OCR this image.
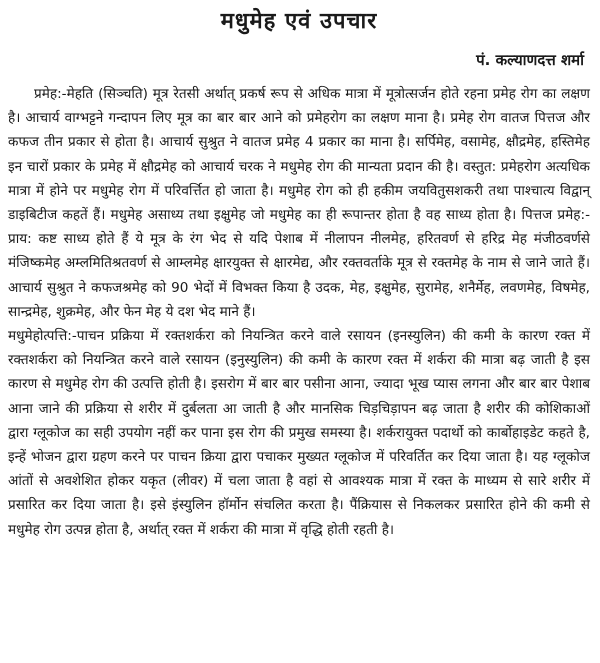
मधुमेह एवं उपचार
पं. कल्याणदत्त शर्मा

प्रमेह:-मेहति (सिञ्चति) मूत्र रेतसी अर्थात् प्रकर्ष रूप से अधिक मात्रा में मूत्रोत्सर्जन होते रहना प्रमेह रोग का लक्षण है। आचार्य वाग्भट्टने गन्दापन लिए मूत्र का बार बार आने को प्रमेहरोग का लक्षण माना है। प्रमेह रोग वातज पित्तज और कफज तीन प्रकार से होता है। आचार्य सुश्रुत ने वातज प्रमेह 4 प्रकार का माना है। सर्पिमेह, वसामेह, क्षौद्रमेह, हस्तिमेह इन चारों प्रकार के प्रमेह में क्षौद्रमेह को आचार्य चरक ने मधुमेह रोग की मान्यता प्रदान की है। वस्तुत: प्रमेहरोग अत्यधिक मात्रा में होने पर मधुमेह रोग में परिवर्त्तित हो जाता है। मधुमेह रोग को ही हकीम जयवितुसशकरी तथा पाश्चात्य विद्वान् डाइबिटीज कहतें हैं। मधुमेह असाध्य तथा इक्षुमेह जो मधुमेह का ही रूपान्तर होता है वह साध्य होता है। पित्तज प्रमेह:-प्राय: कष्ट साध्य होते हैं ये मूत्र के रंग भेद से यदि पेशाब में नीलापन नीलमेह, हरितवर्ण से हरिद्र मेह मंजीठवर्णसे मंजिष्कमेह अम्लमितिश्रतवर्ण से आम्लमेह क्षारयुक्त से क्षारमेद्य, और रक्तवर्ताके मूत्र से रक्तमेह के नाम से जाने जाते हैं। आचार्य सुश्रुत ने कफजश्रमेह को 90 भेदों में विभक्त किया है उदक, मेह, इक्षुमेह, सुरामेह, शनैर्मेह, लवणमेह, विषमेह, सान्द्रमेह, शुक्रमेह, और फेन मेह ये दश भेद माने हैं।

मधुमेहोत्पत्ति:-पाचन प्रक्रिया में रक्तशर्करा को नियन्त्रित करने वाले रसायन (इनस्युलिन) की कमी के कारण रक्त में रक्तशर्करा को नियन्त्रित करने वाले रसायन (इनुस्युलिन) की कमी के कारण रक्त में शर्करा की मात्रा बढ़ जाती है इस कारण से मधुमेह रोग की उत्पत्ति होती है। इसरोग में बार बार पसीना आना, ज्यादा भूख प्यास लगना और बार बार पेशाब आना जाने की प्रक्रिया से शरीर में दुर्बलता आ जाती है और मानसिक चिड़चिड़ापन बढ़ जाता है शरीर की कोशिकाओं द्वारा ग्लूकोज का सही उपयोग नहीं कर पाना इस रोग की प्रमुख समस्या है। शर्करायुक्त पदार्थो को कार्बोहाइडेट कहते है, इन्हें भोजन द्वारा ग्रहण करने पर पाचन क्रिया द्वारा पचाकर मुख्यत ग्लूकोज में परिवर्तित कर दिया जाता है। यह ग्लूकोज आंतों से अवशेशित होकर यकृत (लीवर) में चला जाता है वहां से आवश्यक मात्रा में रक्त के माध्यम से सारे शरीर में प्रसारित कर दिया जाता है। इसे इंस्युलिन हॉर्मोन संचलित करता है। पैंक्रियास से निकलकर प्रसारित होने की कमी से मधुमेह रोग उत्पन्न होता है, अर्थात् रक्त में शर्करा की मात्रा में वृद्धि होती रहती है।
